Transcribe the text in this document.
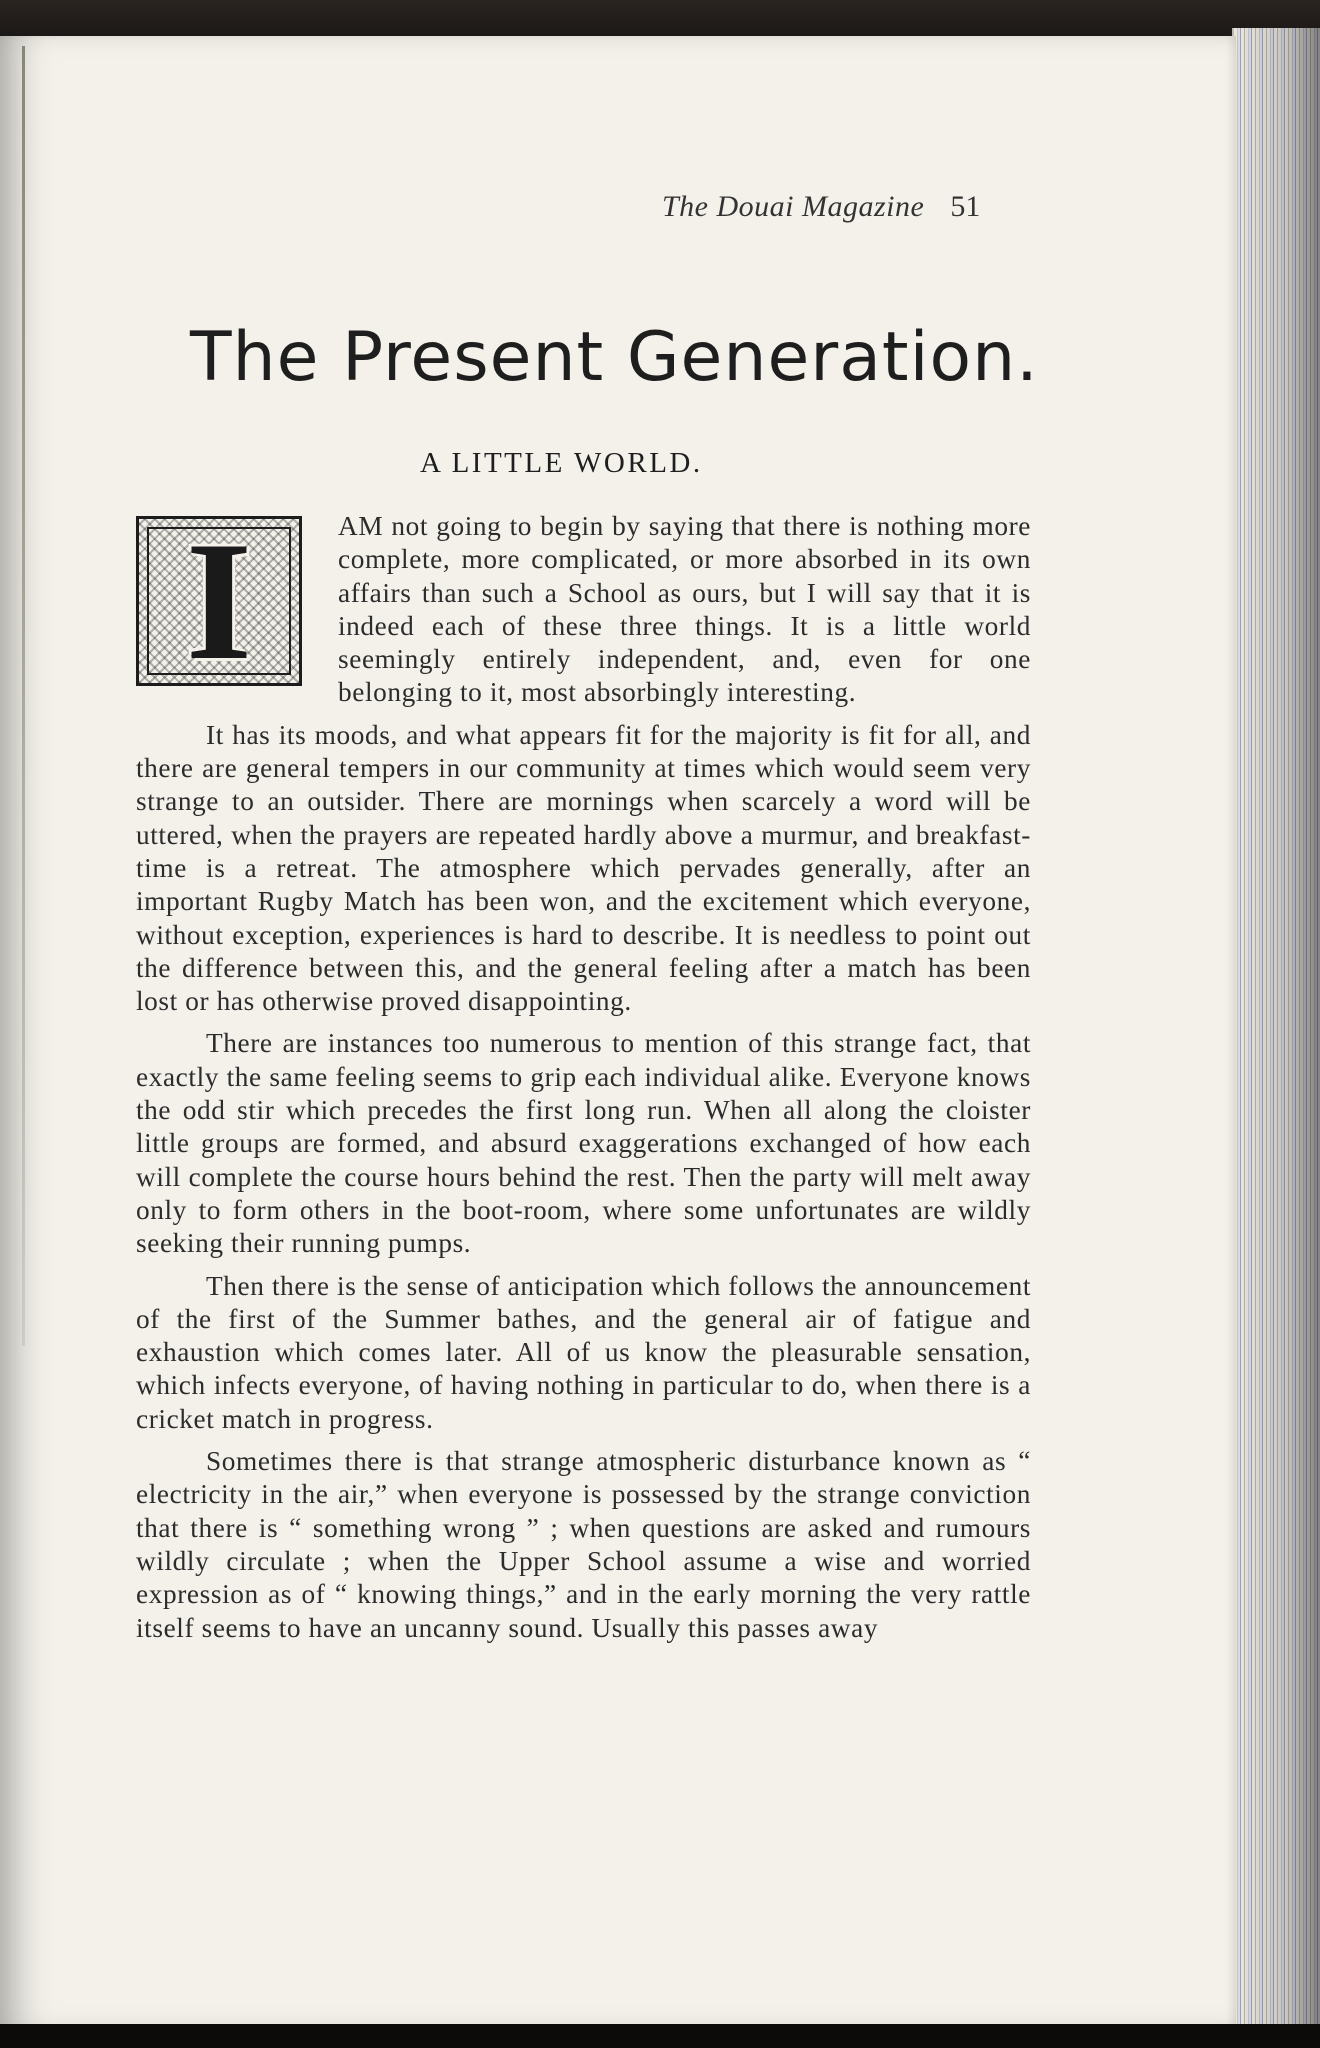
The Douai Magazine 51
The Present Generation.
A LITTLE WORLD.
I	AM not going to begin by saying that there is nothing more complete, more complicated, or more absorbed in its own affairs than such a School as ours, but I will say that it is indeed each of these three things. It is a little world seemingly entirely independent, and, even for one belonging to it, most absorbingly interesting.

It has its moods, and what appears fit for the majority is fit for all, and there are general tempers in our community at times which would seem very strange to an outsider. There are mornings when scarcely a word will be uttered, when the prayers are repeated hardly above a murmur, and breakfast-time is a retreat. The atmosphere which pervades generally, after an important Rugby Match has been won, and the excitement which everyone, without exception, experiences is hard to describe. It is needless to point out the difference between this, and the general feeling after a match has been lost or has otherwise proved disappointing.

There are instances too numerous to mention of this strange fact, that exactly the same feeling seems to grip each individual alike. Everyone knows the odd stir which precedes the first long run. When all along the cloister little groups are formed, and absurd exaggerations exchanged of how each will complete the course hours behind the rest. Then the party will melt away only to form others in the boot-room, where some unfortunates are wildly seeking their running pumps.

Then there is the sense of anticipation which follows the announcement of the first of the Summer bathes, and the general air of fatigue and exhaustion which comes later. All of us know the pleasurable sensation, which infects everyone, of having nothing in particular to do, when there is a cricket match in progress.

Sometimes there is that strange atmospheric disturbance known as “ electricity in the air,” when everyone is possessed by the strange conviction that there is “ something wrong ” ; when questions are asked and rumours wildly circulate ; when the Upper School assume a wise and worried expression as of “ knowing things,” and in the early morning the very rattle itself seems to have an uncanny sound. Usually this passes away
